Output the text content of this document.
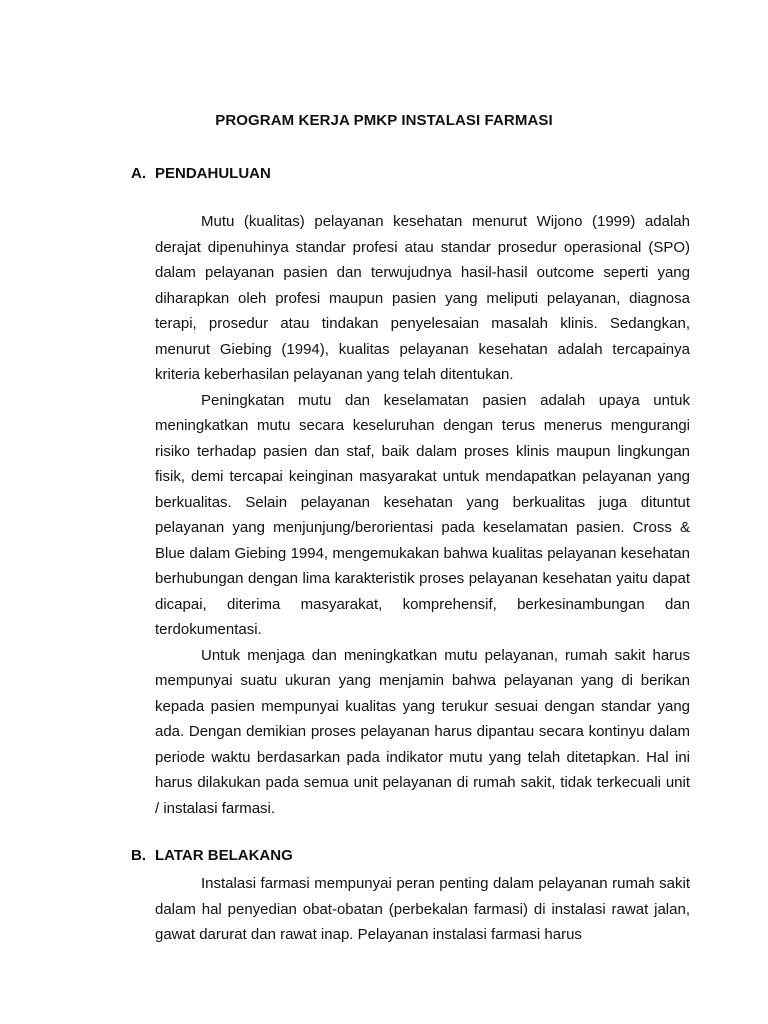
PROGRAM KERJA PMKP INSTALASI FARMASI
A. PENDAHULUAN

Mutu (kualitas) pelayanan kesehatan menurut Wijono (1999) adalah derajat dipenuhinya standar profesi atau standar prosedur operasional (SPO) dalam pelayanan pasien dan terwujudnya hasil-hasil outcome seperti yang diharapkan oleh profesi maupun pasien yang meliputi pelayanan, diagnosa terapi, prosedur atau tindakan penyelesaian masalah klinis. Sedangkan, menurut Giebing (1994), kualitas pelayanan kesehatan adalah tercapainya kriteria keberhasilan pelayanan yang telah ditentukan.

Peningkatan mutu dan keselamatan pasien adalah upaya untuk meningkatkan mutu secara keseluruhan dengan terus menerus mengurangi risiko terhadap pasien dan staf, baik dalam proses klinis maupun lingkungan fisik, demi tercapai keinginan masyarakat untuk mendapatkan pelayanan yang berkualitas. Selain pelayanan kesehatan yang berkualitas juga dituntut pelayanan yang menjunjung/berorientasi pada keselamatan pasien. Cross & Blue dalam Giebing 1994, mengemukakan bahwa kualitas pelayanan kesehatan berhubungan dengan lima karakteristik proses pelayanan kesehatan yaitu dapat dicapai, diterima masyarakat, komprehensif, berkesinambungan dan terdokumentasi.

Untuk menjaga dan meningkatkan mutu pelayanan, rumah sakit harus mempunyai suatu ukuran yang menjamin bahwa pelayanan yang di berikan kepada pasien mempunyai kualitas yang terukur sesuai dengan standar yang ada. Dengan demikian proses pelayanan harus dipantau secara kontinyu dalam periode waktu berdasarkan pada indikator mutu yang telah ditetapkan. Hal ini harus dilakukan pada semua unit pelayanan di rumah sakit, tidak terkecuali unit / instalasi farmasi.

B. LATAR BELAKANG

Instalasi farmasi mempunyai peran penting dalam pelayanan rumah sakit dalam hal penyedian obat-obatan (perbekalan farmasi) di instalasi rawat jalan, gawat darurat dan rawat inap. Pelayanan instalasi farmasi harus
